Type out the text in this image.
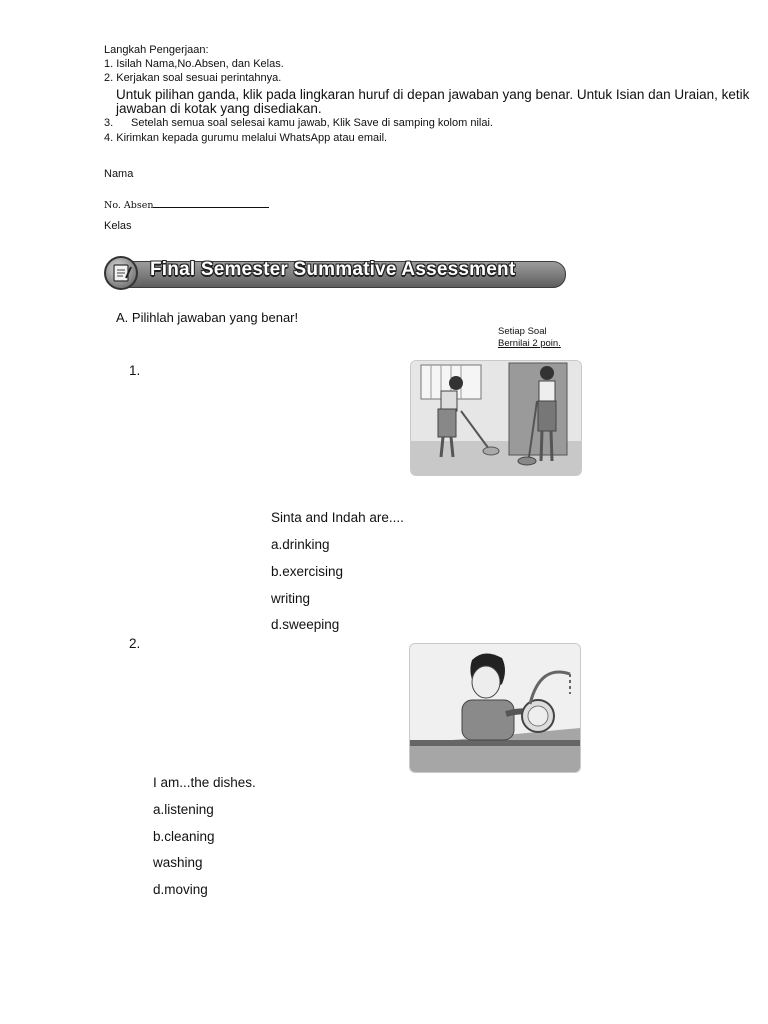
Langkah Pengerjaan:
1. Isilah Nama,No.Absen, dan Kelas.
2. Kerjakan soal sesuai perintahnya.
Untuk pilihan ganda, klik pada lingkaran huruf di depan jawaban yang benar. Untuk Isian dan Uraian, ketik
jawaban di kotak yang disediakan.
3. Setelah semua soal selesai kamu jawab, Klik Save di samping kolom nilai.
4. Kirimkan kepada gurumu melalui WhatsApp atau email.
Nama
No. Absen
Kelas
Final Semester Summative Assessment
A. Pilihlah jawaban yang benar!
Setiap Soal
Bernilai 2 poin.
1.
Sinta and Indah are....
a.drinking
b.exercising
writing
d.sweeping
2.
I am...the dishes.
a.listening
b.cleaning
washing
d.moving
